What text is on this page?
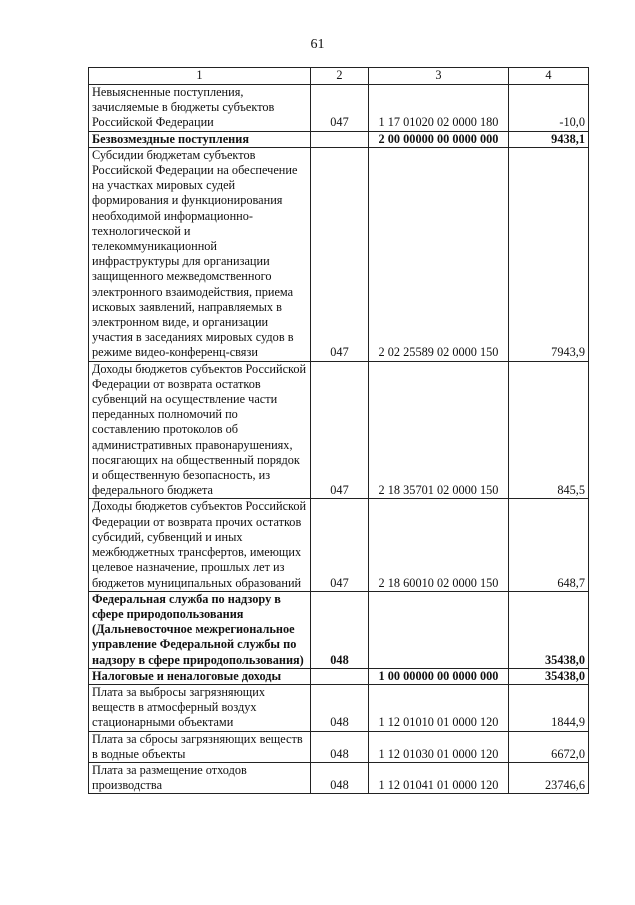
61
1	2	3	4
Невыясненные поступления, зачисляемые в бюджеты субъектов Российской Федерации	047	1 17 01020 02 0000 180	-10,0
Безвозмездные поступления		2 00 00000 00 0000 000	9438,1
Субсидии бюджетам субъектов Российской Федерации на обеспечение на участках мировых судей формирования и функционирования необходимой информационно-технологической и телекоммуникационной инфраструктуры для организации защищенного межведомственного электронного взаимодействия, приема исковых заявлений, направляемых в электронном виде, и организации участия в заседаниях мировых судов в режиме видео-конференц-связи	047	2 02 25589 02 0000 150	7943,9
Доходы бюджетов субъектов Российской Федерации от возврата остатков субвенций на осуществление части переданных полномочий по составлению протоколов об административных правонарушениях, посягающих на общественный порядок и общественную безопасность, из федерального бюджета	047	2 18 35701 02 0000 150	845,5
Доходы бюджетов субъектов Российской Федерации от возврата прочих остатков субсидий, субвенций и иных межбюджетных трансфертов, имеющих целевое назначение, прошлых лет из бюджетов муниципальных образований	047	2 18 60010 02 0000 150	648,7
Федеральная служба по надзору в сфере природопользования (Дальневосточное межрегиональное управление Федеральной службы по надзору в сфере природопользования)	048		35438,0
Налоговые и неналоговые доходы		1 00 00000 00 0000 000	35438,0
Плата за выбросы загрязняющих веществ в атмосферный воздух стационарными объектами	048	1 12 01010 01 0000 120	1844,9
Плата за сбросы загрязняющих веществ в водные объекты	048	1 12 01030 01 0000 120	6672,0
Плата за размещение отходов производства	048	1 12 01041 01 0000 120	23746,6
